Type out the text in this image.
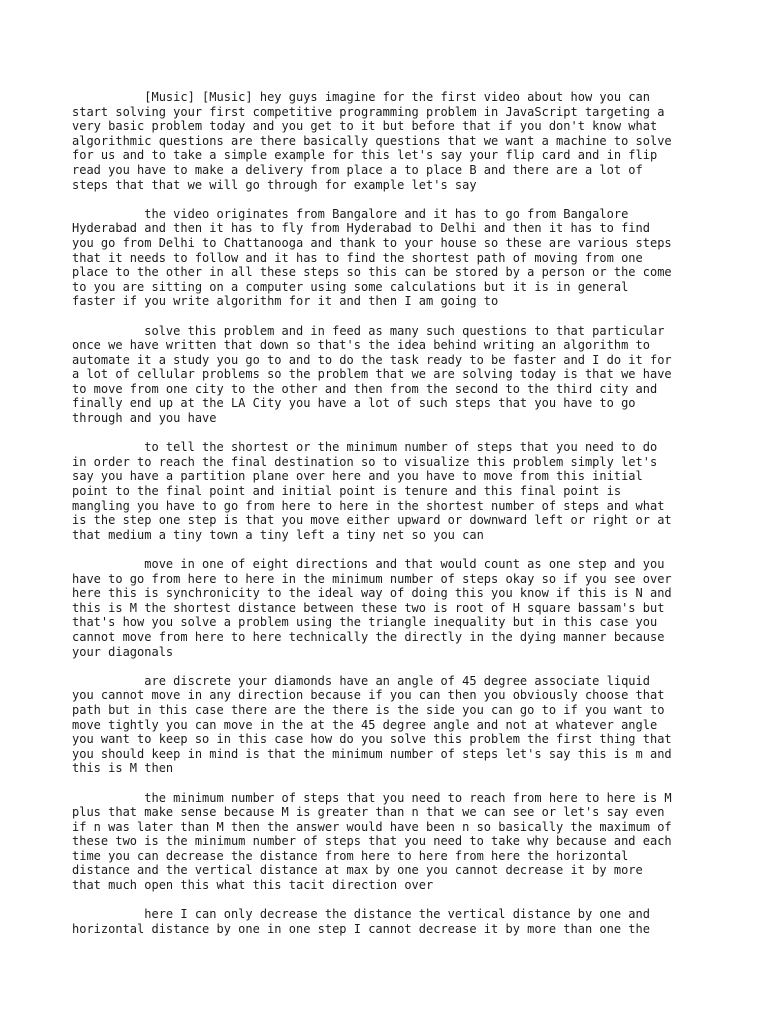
[Music] [Music] hey guys imagine for the first video about how you can
start solving your first competitive programming problem in JavaScript targeting a
very basic problem today and you get to it but before that if you don't know what
algorithmic questions are there basically questions that we want a machine to solve
for us and to take a simple example for this let's say your flip card and in flip
read you have to make a delivery from place a to place B and there are a lot of
steps that that we will go through for example let's say

the video originates from Bangalore and it has to go from Bangalore
Hyderabad and then it has to fly from Hyderabad to Delhi and then it has to find
you go from Delhi to Chattanooga and thank to your house so these are various steps
that it needs to follow and it has to find the shortest path of moving from one
place to the other in all these steps so this can be stored by a person or the come
to you are sitting on a computer using some calculations but it is in general
faster if you write algorithm for it and then I am going to

solve this problem and in feed as many such questions to that particular
once we have written that down so that's the idea behind writing an algorithm to
automate it a study you go to and to do the task ready to be faster and I do it for
a lot of cellular problems so the problem that we are solving today is that we have
to move from one city to the other and then from the second to the third city and
finally end up at the LA City you have a lot of such steps that you have to go
through and you have

to tell the shortest or the minimum number of steps that you need to do
in order to reach the final destination so to visualize this problem simply let's
say you have a partition plane over here and you have to move from this initial
point to the final point and initial point is tenure and this final point is
mangling you have to go from here to here in the shortest number of steps and what
is the step one step is that you move either upward or downward left or right or at
that medium a tiny town a tiny left a tiny net so you can

move in one of eight directions and that would count as one step and you
have to go from here to here in the minimum number of steps okay so if you see over
here this is synchronicity to the ideal way of doing this you know if this is N and
this is M the shortest distance between these two is root of H square bassam's but
that's how you solve a problem using the triangle inequality but in this case you
cannot move from here to here technically the directly in the dying manner because
your diagonals

are discrete your diamonds have an angle of 45 degree associate liquid
you cannot move in any direction because if you can then you obviously choose that
path but in this case there are the there is the side you can go to if you want to
move tightly you can move in the at the 45 degree angle and not at whatever angle
you want to keep so in this case how do you solve this problem the first thing that
you should keep in mind is that the minimum number of steps let's say this is m and
this is M then

the minimum number of steps that you need to reach from here to here is M
plus that make sense because M is greater than n that we can see or let's say even
if n was later than M then the answer would have been n so basically the maximum of
these two is the minimum number of steps that you need to take why because and each
time you can decrease the distance from here to here from here the horizontal
distance and the vertical distance at max by one you cannot decrease it by more
that much open this what this tacit direction over

here I can only decrease the distance the vertical distance by one and
horizontal distance by one in one step I cannot decrease it by more than one the
